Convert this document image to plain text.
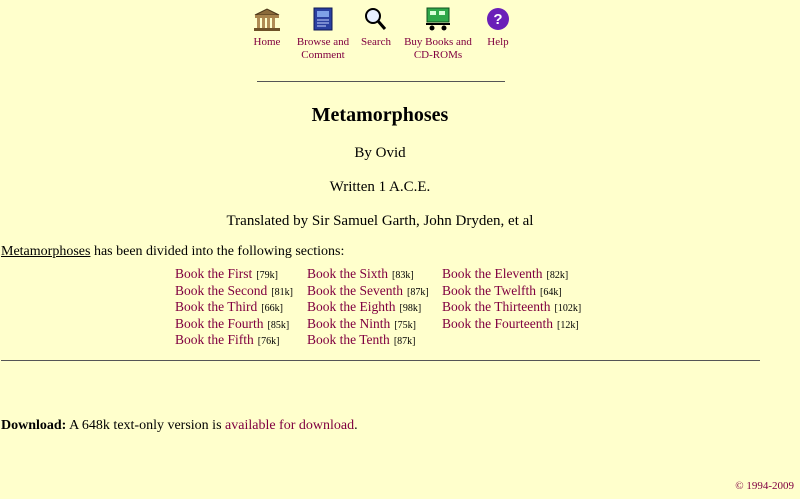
Home	Browse and
Comment
Search	Buy Books and
CD-ROMs
?
Help
Metamorphoses
By Ovid
Written 1 A.C.E.
Translated by Sir Samuel Garth, John Dryden, et al
Metamorphoses has been divided into the following sections:
Book the First [79k]
Book the Second [81k]
Book the Third [66k]
Book the Fourth [85k]
Book the Fifth [76k]
Book the Sixth [83k]
Book the Seventh [87k]
Book the Eighth [98k]
Book the Ninth [75k]
Book the Tenth [87k]
Book the Eleventh [82k]
Book the Twelfth [64k]
Book the Thirteenth [102k]
Book the Fourteenth [12k]
Download: A 648k text-only version is available for download.
© 1994-2009
